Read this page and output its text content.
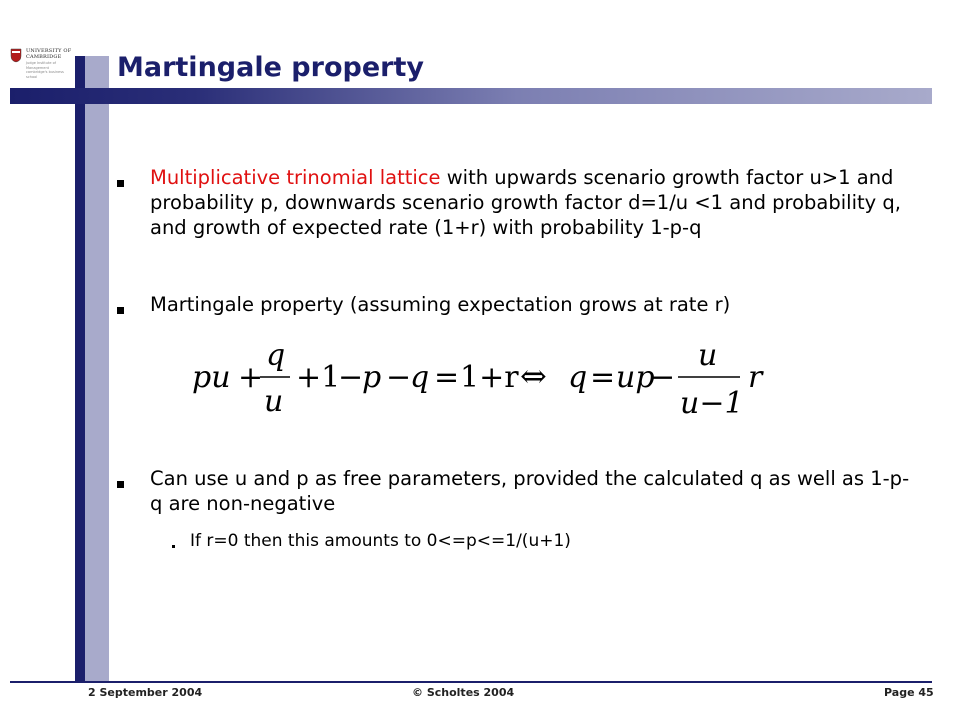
UNIVERSITY OF
CAMBRIDGE
Judge Institute of Management
cambridge's business school	Martingale property
Multiplicative trinomial lattice with upwards scenario growth factor u>1 and probability p, downwards scenario growth factor d=1/u <1 and probability q, and growth of expected rate (1+r) with probability 1-p-q
Martingale property (assuming expectation grows at rate r)
pu +
q
u
+1
−
p −
q = 1+r ⇔ q = up
−
u
u−1
r
Can use u and p as free parameters, provided the calculated q as well as 1-p-q are non-negative
If r=0 then this amounts to 0<=p<=1/(u+1)
2 September 2004	© Scholtes 2004	Page 45
